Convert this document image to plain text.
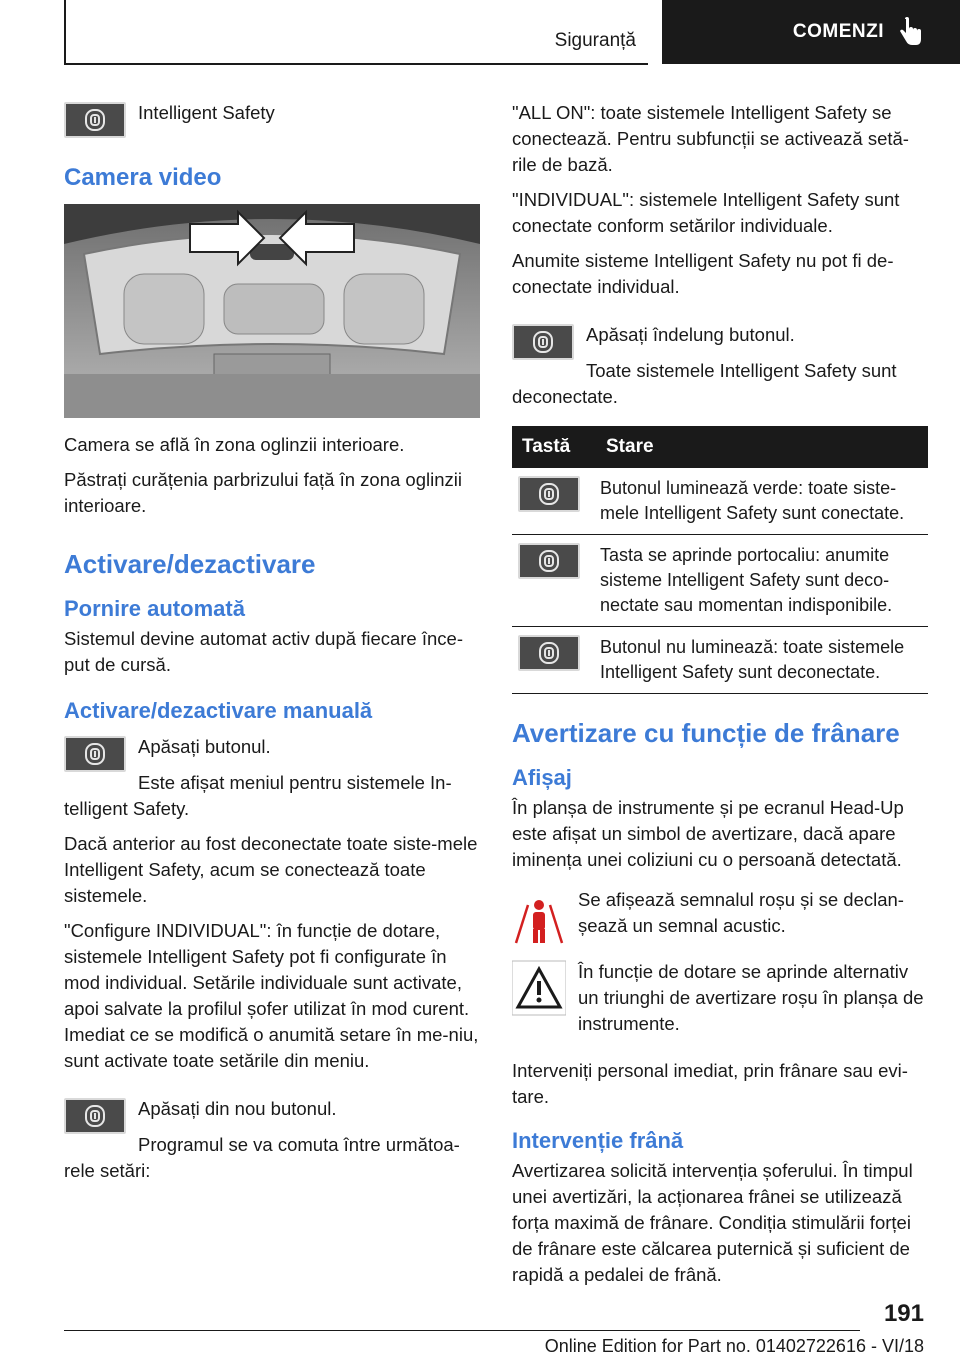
Siguranță	COMENZI

Intelligent Safety

Camera video

Camera se află în zona oglinzii interioare.

Păstrați curățenia parbrizului față în zona oglinzii interioare.

Activare/dezactivare
Pornire automată

Sistemul devine automat activ după fiecare înce-put de cursă.

Activare/dezactivare manuală

Apăsați butonul.

Este afișat meniul pentru sistemele In-telligent Safety.

Dacă anterior au fost deconectate toate siste-mele Intelligent Safety, acum se conectează toate sistemele.

"Configure INDIVIDUAL": în funcție de dotare, sistemele Intelligent Safety pot fi configurate în mod individual. Setările individuale sunt activate, apoi salvate la profilul șofer utilizat în mod curent. Imediat ce se modifică o anumită setare în me-niu, sunt activate toate setările din meniu.

Apăsați din nou butonul.

Programul se va comuta între următoa-rele setări:

"ALL ON": toate sistemele Intelligent Safety se conectează. Pentru subfuncții se activează setă-rile de bază.

"INDIVIDUAL": sistemele Intelligent Safety sunt conectate conform setărilor individuale.

Anumite sisteme Intelligent Safety nu pot fi de-conectate individual.

Apăsați îndelung butonul.

Toate sistemele Intelligent Safety sunt deconectate.

Tastă	Stare

	Butonul luminează verde: toate siste-mele Intelligent Safety sunt conectate.

	Tasta se aprinde portocaliu: anumite sisteme Intelligent Safety sunt deco-nectate sau momentan indisponibile.

	Butonul nu luminează: toate sistemele Intelligent Safety sunt deconectate.
Avertizare cu funcție de frânare
Afișaj

În planșa de instrumente și pe ecranul Head-Up este afișat un simbol de avertizare, dacă apare iminența unei coliziuni cu o persoană detectată.

Se afișează semnalul roșu și se declan-șează un semnal acustic.

În funcție de dotare se aprinde alternativ un triunghi de avertizare roșu în planșa de instrumente.

Interveniți personal imediat, prin frânare sau evi-tare.

Intervenție frână

Avertizarea solicită intervenția șoferului. În timpul unei avertizări, la acționarea frânei se utilizează forța maximă de frânare. Condiția stimulării forței de frânare este călcarea puternică și suficient de rapidă a pedalei de frână.

191
Online Edition for Part no. 01402722616 - VI/18
